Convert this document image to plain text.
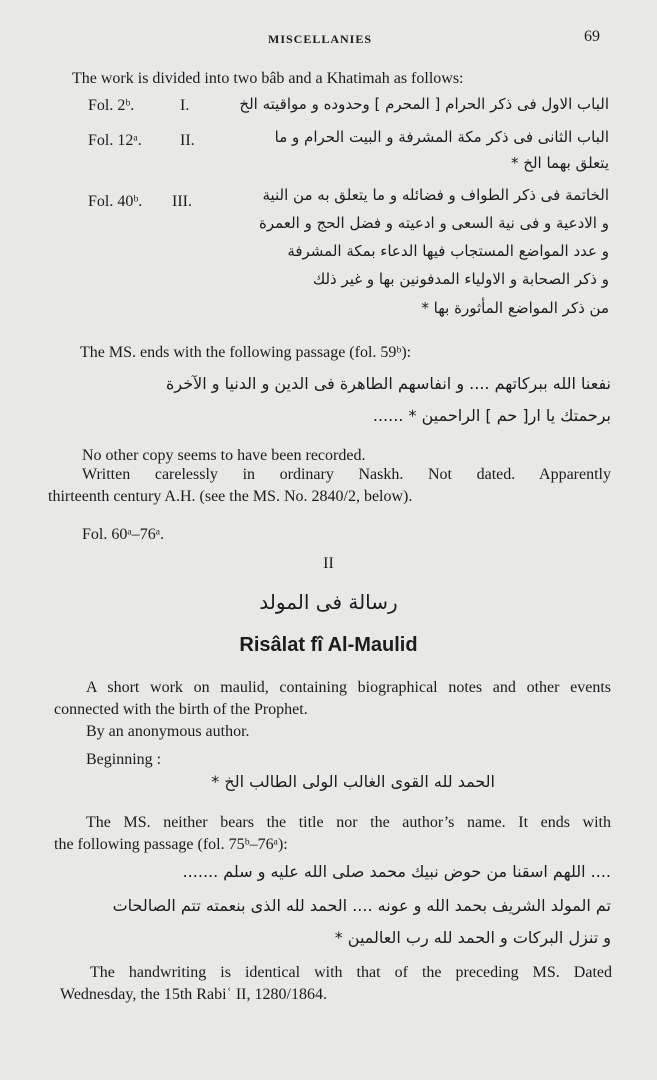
MISCELLANIES	69
The work is divided into two bâb and a Khatimah as follows:
Fol. 2ᵇ.	I.	الباب الاول فى ذكر الحرام [ المحرم ] وحدوده و مواقيته الخ
Fol. 12ᵃ. II.	الباب الثانى فى ذكر مكة المشرفة و البيت الحرام و ما
يتعلق بهما الخ *
Fol. 40ᵇ. III.	الخاتمة فى ذكر الطواف و فضائله و ما يتعلق به من النية
و الادعية و فى نية السعى و ادعيته و فضل الحج و العمرة
و عدد المواضع المستجاب فيها الدعاء بمكة المشرفة
و ذكر الصحابة و الاولياء المدفونين بها و غير ذلك
من ذكر المواضع المأثورة بها *
The MS. ends with the following passage (fol. 59ᵇ):
نفعنا الله ببركاتهم .... و انفاسهم الطاهرة فى الدين و الدنيا و الآخرة
برحمتك يا ار[ حم ] الراحمين * ......
No other copy seems to have been recorded.
Written carelessly in ordinary Naskh. Not dated. Apparently
thirteenth century A.H. (see the MS. No. 2840/2, below).
Fol. 60ᵃ–76ᵃ.
II
رسالة فى المولد
Risâlat fî Al-Maulid
A short work on maulid, containing biographical notes and other events
connected with the birth of the Prophet.
By an anonymous author.
Beginning :
الحمد لله القوى الغالب الولى الطالب الخ *
The MS. neither bears the title nor the author’s name. It ends with
the following passage (fol. 75ᵇ–76ᵃ):
.... اللهم اسقنا من حوض نبيك محمد صلى الله عليه و سلم .......
تم المولد الشريف بحمد الله و عونه .... الحمد لله الذى بنعمته تتم الصالحات
و تنزل البركات و الحمد لله رب العالمين *
The handwriting is identical with that of the preceding MS. Dated
Wednesday, the 15th Rabiʿ II, 1280/1864.
